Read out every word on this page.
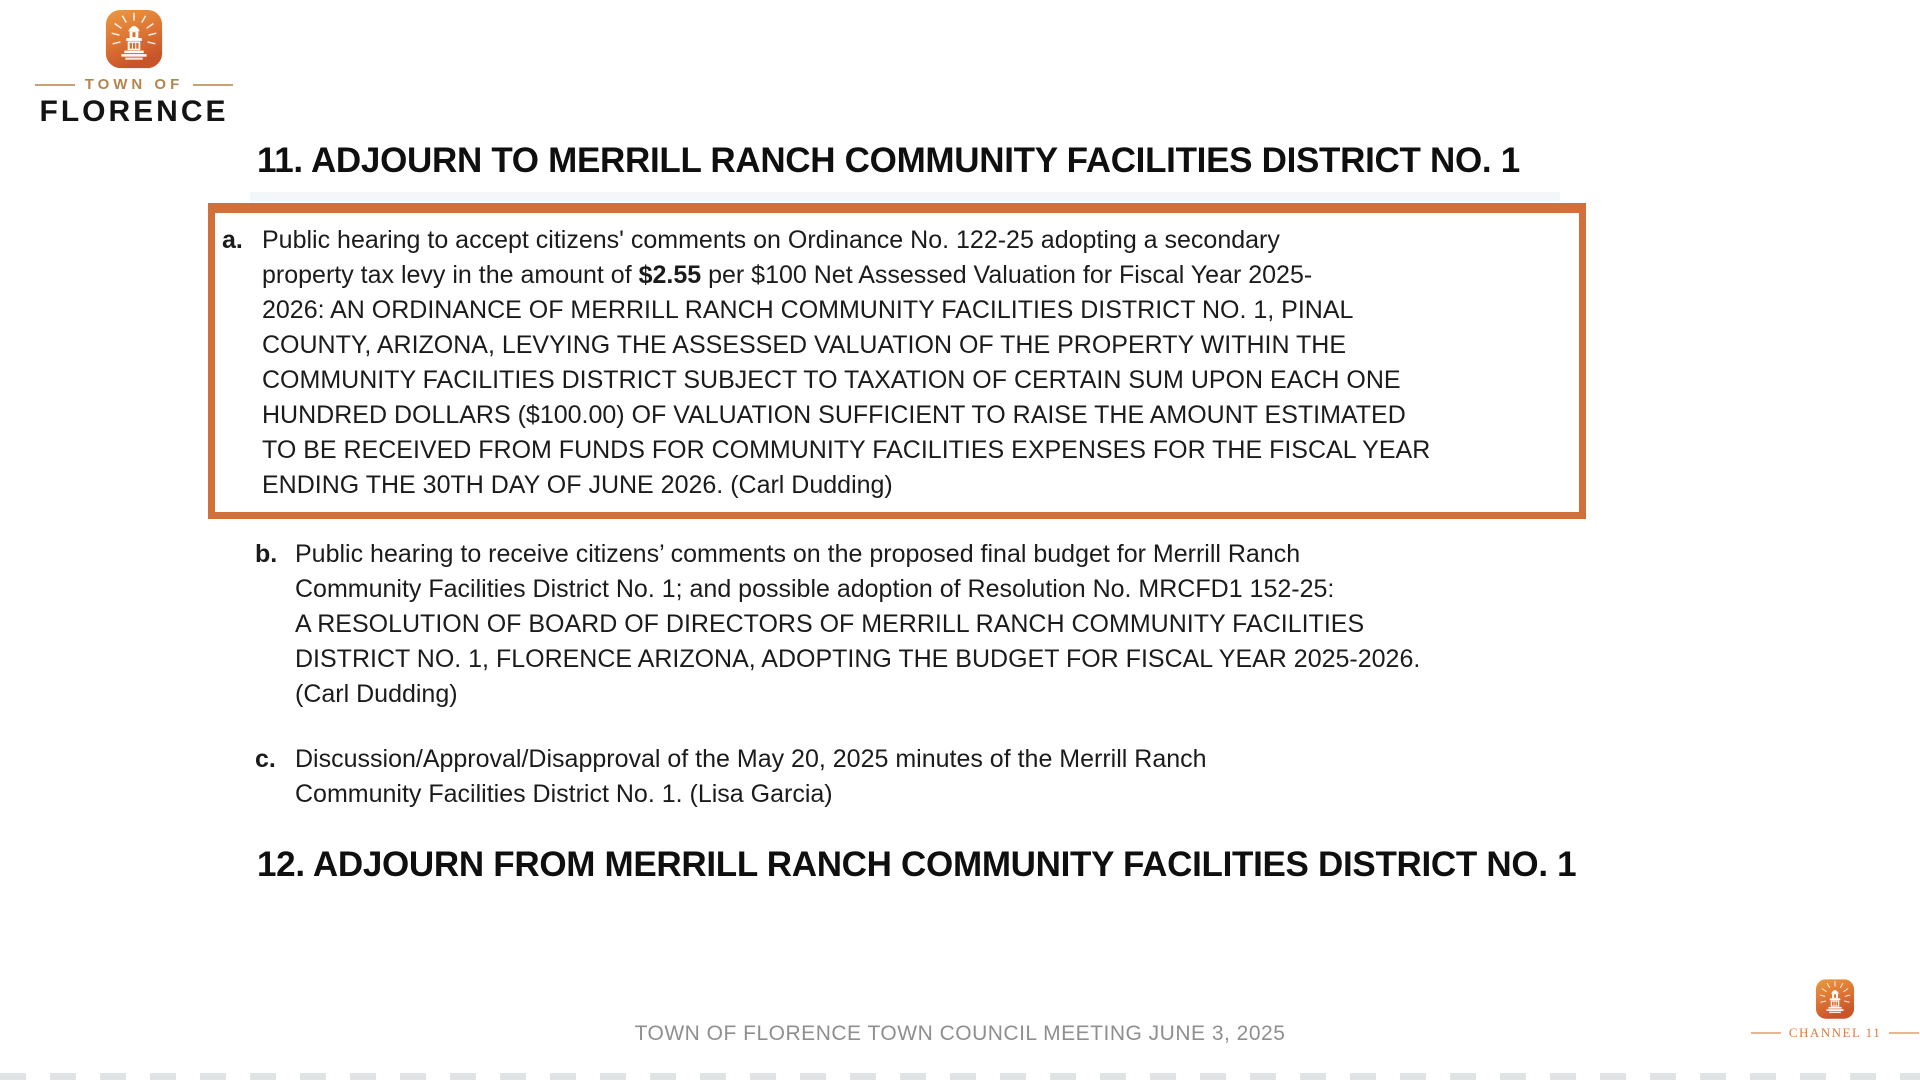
TOWN OF
FLORENCE
11. ADJOURN TO MERRILL RANCH COMMUNITY FACILITIES DISTRICT NO. 1
a. Public hearing to accept citizens' comments on Ordinance No. 122-25 adopting a secondary
property tax levy in the amount of $2.55 per $100 Net Assessed Valuation for Fiscal Year 2025-
2026: AN ORDINANCE OF MERRILL RANCH COMMUNITY FACILITIES DISTRICT NO. 1, PINAL
COUNTY, ARIZONA, LEVYING THE ASSESSED VALUATION OF THE PROPERTY WITHIN THE
COMMUNITY FACILITIES DISTRICT SUBJECT TO TAXATION OF CERTAIN SUM UPON EACH ONE
HUNDRED DOLLARS ($100.00) OF VALUATION SUFFICIENT TO RAISE THE AMOUNT ESTIMATED
TO BE RECEIVED FROM FUNDS FOR COMMUNITY FACILITIES EXPENSES FOR THE FISCAL YEAR
ENDING THE 30TH DAY OF JUNE 2026. (Carl Dudding)
b. Public hearing to receive citizens’ comments on the proposed final budget for Merrill Ranch
Community Facilities District No. 1; and possible adoption of Resolution No. MRCFD1 152-25:
A RESOLUTION OF BOARD OF DIRECTORS OF MERRILL RANCH COMMUNITY FACILITIES
DISTRICT NO. 1, FLORENCE ARIZONA, ADOPTING THE BUDGET FOR FISCAL YEAR 2025-2026.
(Carl Dudding)
c. Discussion/Approval/Disapproval of the May 20, 2025 minutes of the Merrill Ranch
Community Facilities District No. 1. (Lisa Garcia)
12. ADJOURN FROM MERRILL RANCH COMMUNITY FACILITIES DISTRICT NO. 1
TOWN OF FLORENCE TOWN COUNCIL MEETING JUNE 3, 2025	CHANNEL 11
